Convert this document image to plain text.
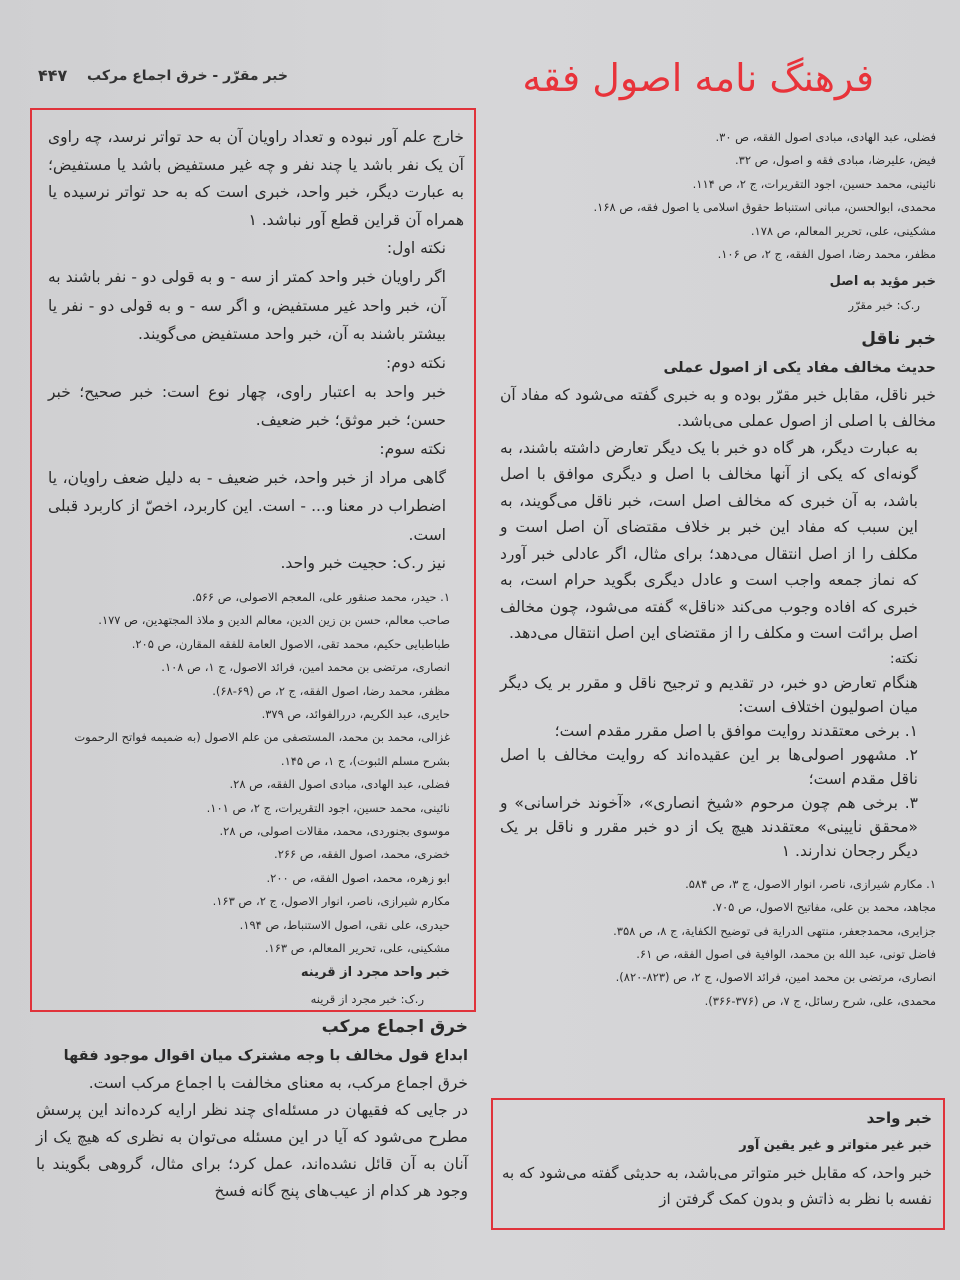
۴۴۷ خبر مقرّر - خرق اجماع مرکب	فرهنگ نامه اصول فقه

خارج علم آور نبوده و تعداد راویان آن به حد تواتر نرسد، چه راوی آن یک نفر باشد یا چند نفر و چه غیر مستفیض باشد یا مستفیض؛ به عبارت دیگر، خبر واحد، خبری است که به حد تواتر نرسیده یا همراه آن قراین قطع آور نباشد. ۱

نکته اول:

اگر راویان خبر واحد کمتر از سه - و به قولی دو - نفر باشند به آن، خبر واحد غیر مستفیض، و اگر سه - و به قولی دو - نفر یا بیشتر باشند به آن، خبر واحد مستفیض می‌گویند.

نکته دوم:

خبر واحد به اعتبار راوی، چهار نوع است: خبر صحیح؛ خبر حسن؛ خبر موثق؛ خبر ضعیف.

نکته سوم:

گاهی مراد از خبر واحد، خبر ضعیف - به دلیل ضعف راویان، یا اضطراب در معنا و... - است. این کاربرد، اخصّ از کاربرد قبلی است.

نیز ر.ک: حجیت خبر واحد.

۱. حیدر، محمد صنقور علی، المعجم الاصولی، ص ۵۶۶.

صاحب معالم، حسن بن زین الدین، معالم الدین و ملاذ المجتهدین، ص ۱۷۷.

طباطبایی حکیم، محمد تقی، الاصول العامة للفقه المقارن، ص ۲۰۵.

انصاری، مرتضی بن محمد امین، فرائد الاصول، ج ۱، ص ۱۰۸.

مظفر، محمد رضا، اصول الفقه، ج ۲، ص (۶۹-۶۸).

حایری، عبد الکریم، دررالفوائد، ص ۳۷۹.

غزالی، محمد بن محمد، المستصفی من علم الاصول (به ضمیمه فواتح الرحموت بشرح مسلم الثبوت)، ج ۱، ص ۱۴۵.

فضلی، عبد الهادی، مبادی اصول الفقه، ص ۲۸.

نائینی، محمد حسین، اجود التقریرات، ج ۲، ص ۱۰۱.

موسوی بجنوردی، محمد، مقالات اصولی، ص ۲۸.

خضری، محمد، اصول الفقه، ص ۲۶۶.

ابو زهره، محمد، اصول الفقه، ص ۲۰۰.

مکارم شیرازی، ناصر، انوار الاصول، ج ۲، ص ۱۶۳.

حیدری، علی نقی، اصول الاستنباط، ص ۱۹۴.

مشکینی، علی، تحریر المعالم، ص ۱۶۳.

خبر واحد مجرد از قرینه

ر.ک: خبر مجرد از قرینه

خرق اجماع مرکب

ابداع قول مخالف با وجه مشترک میان اقوال موجود فقها

خرق اجماع مرکب، به معنای مخالفت با اجماع مرکب است.

در جایی که فقیهان در مسئله‌ای چند نظر ارایه کرده‌اند این پرسش مطرح می‌شود که آیا در این مسئله می‌توان به نظری که هیچ یک از آنان به آن قائل نشده‌اند، عمل کرد؛ برای مثال، گروهی بگویند با وجود هر کدام از عیب‌های پنج گانه فسخ

فضلی، عبد الهادی، مبادی اصول الفقه، ص ۳۰.

فیض، علیرضا، مبادی فقه و اصول، ص ۳۲.

نائینی، محمد حسین، اجود التقریرات، ج ۲، ص ۱۱۴.

محمدی، ابوالحسن، مبانی استنباط حقوق اسلامی یا اصول فقه، ص ۱۶۸.

مشکینی، علی، تحریر المعالم، ص ۱۷۸.

مظفر، محمد رضا، اصول الفقه، ج ۲، ص ۱۰۶.

خبر مؤید به اصل

ر.ک: خبر مقرّر

خبر ناقل

حدیث مخالف مفاد یکی از اصول عملی

خبر ناقل، مقابل خبر مقرّر بوده و به خبری گفته می‌شود که مفاد آن مخالف با اصلی از اصول عملی می‌باشد.

به عبارت دیگر، هر گاه دو خبر با یک دیگر تعارض داشته باشند، به گونه‌ای که یکی از آنها مخالف با اصل و دیگری موافق با اصل باشد، به آن خبری که مخالف اصل است، خبر ناقل می‌گویند، به این سبب که مفاد این خبر بر خلاف مقتضای آن اصل است و مکلف را از اصل انتقال می‌دهد؛ برای مثال، اگر عادلی خبر آورد که نماز جمعه واجب است و عادل دیگری بگوید حرام است، به خبری که افاده وجوب می‌کند «ناقل» گفته می‌شود، چون مخالف اصل برائت است و مکلف را از مقتضای این اصل انتقال می‌دهد.

نکته:

هنگام تعارض دو خبر، در تقدیم و ترجیح ناقل و مقرر بر یک دیگر میان اصولیون اختلاف است:

۱. برخی معتقدند روایت موافق با اصل مقرر مقدم است؛

۲. مشهور اصولی‌ها بر این عقیده‌اند که روایت مخالف با اصل ناقل مقدم است؛

۳. برخی هم چون مرحوم «شیخ انصاری»، «آخوند خراسانی» و «محقق نایینی» معتقدند هیچ یک از دو خبر مقرر و ناقل بر یک دیگر رجحان ندارند. ۱

۱. مکارم شیرازی، ناصر، انوار الاصول، ج ۳، ص ۵۸۴.

مجاهد، محمد بن علی، مفاتیح الاصول، ص ۷۰۵.

جزایری، محمدجعفر، منتهی الدرایة فی توضیح الکفایة، ج ۸، ص ۳۵۸.

فاضل تونی، عبد الله بن محمد، الوافیة فی اصول الفقه، ص ۶۱.

انصاری، مرتضی بن محمد امین، فرائد الاصول، ج ۲، ص (۸۲۳-۸۲۰).

محمدی، علی، شرح رسائل، ج ۷، ص (۳۷۶-۳۶۶).

خبر واحد

خبر غیر متواتر و غیر یقین آور

خبر واحد، که مقابل خبر متواتر می‌باشد، به حدیثی گفته می‌شود که به نفسه با نظر به ذاتش و بدون کمک گرفتن از
